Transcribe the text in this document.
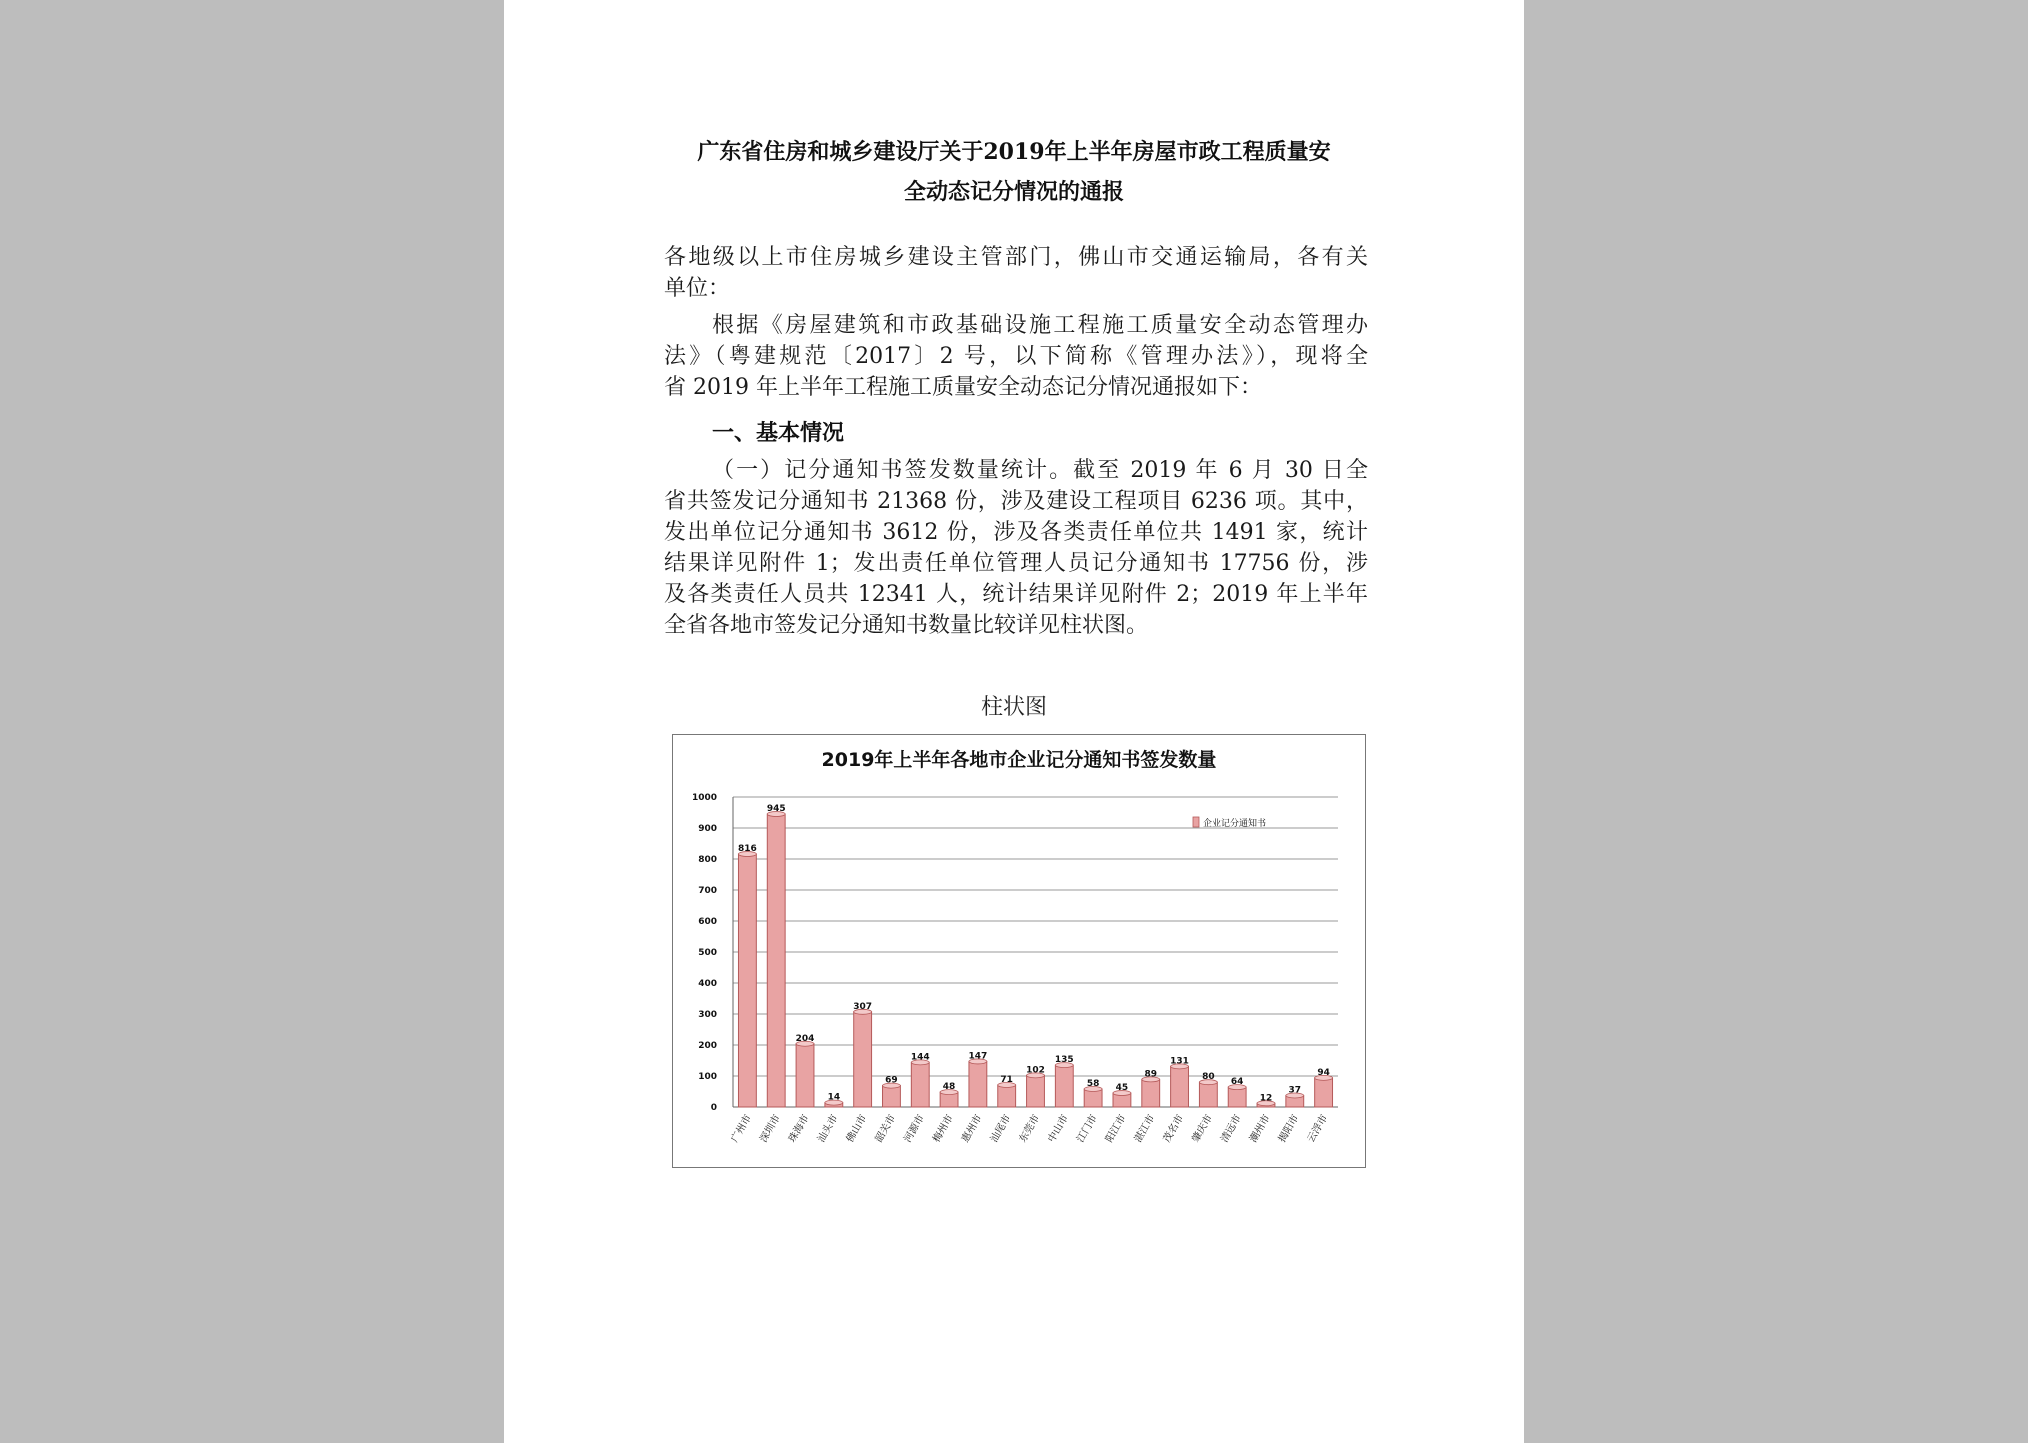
广东省住房和城乡建设厅关于2019年上半年房屋市政工程质量安
全动态记分情况的通报
各地级以上市住房城乡建设主管部门，佛山市交通运输局，各有关
单位：
根据《房屋建筑和市政基础设施工程施工质量安全动态管理办
法》（粤建规范〔2017〕2 号，以下简称《管理办法》），现将全
省 2019 年上半年工程施工质量安全动态记分情况通报如下：
一、基本情况
（一）记分通知书签发数量统计。截至 2019 年 6 月 30 日全
省共签发记分通知书 21368 份，涉及建设工程项目 6236 项。其中，
发出单位记分通知书 3612 份，涉及各类责任单位共 1491 家，统计
结果详见附件 1；发出责任单位管理人员记分通知书 17756 份，涉
及各类责任人员共 12341 人，统计结果详见附件 2；2019 年上半年
全省各地市签发记分通知书数量比较详见柱状图。
柱状图
2019年上半年各地市企业记分通知书签发数量
0
100
200
300
400
500
600
700
800
900
1000
816
广州市
945
深圳市
204
珠海市
14
汕头市
307
佛山市
69
韶关市
144
河源市
48
梅州市
147
惠州市
71
汕尾市
102
东莞市
135
中山市
58
江门市
45
阳江市
89
湛江市
131
茂名市
80
肇庆市
64
清远市
12
潮州市
37
揭阳市
94
云浮市
企业记分通知书
